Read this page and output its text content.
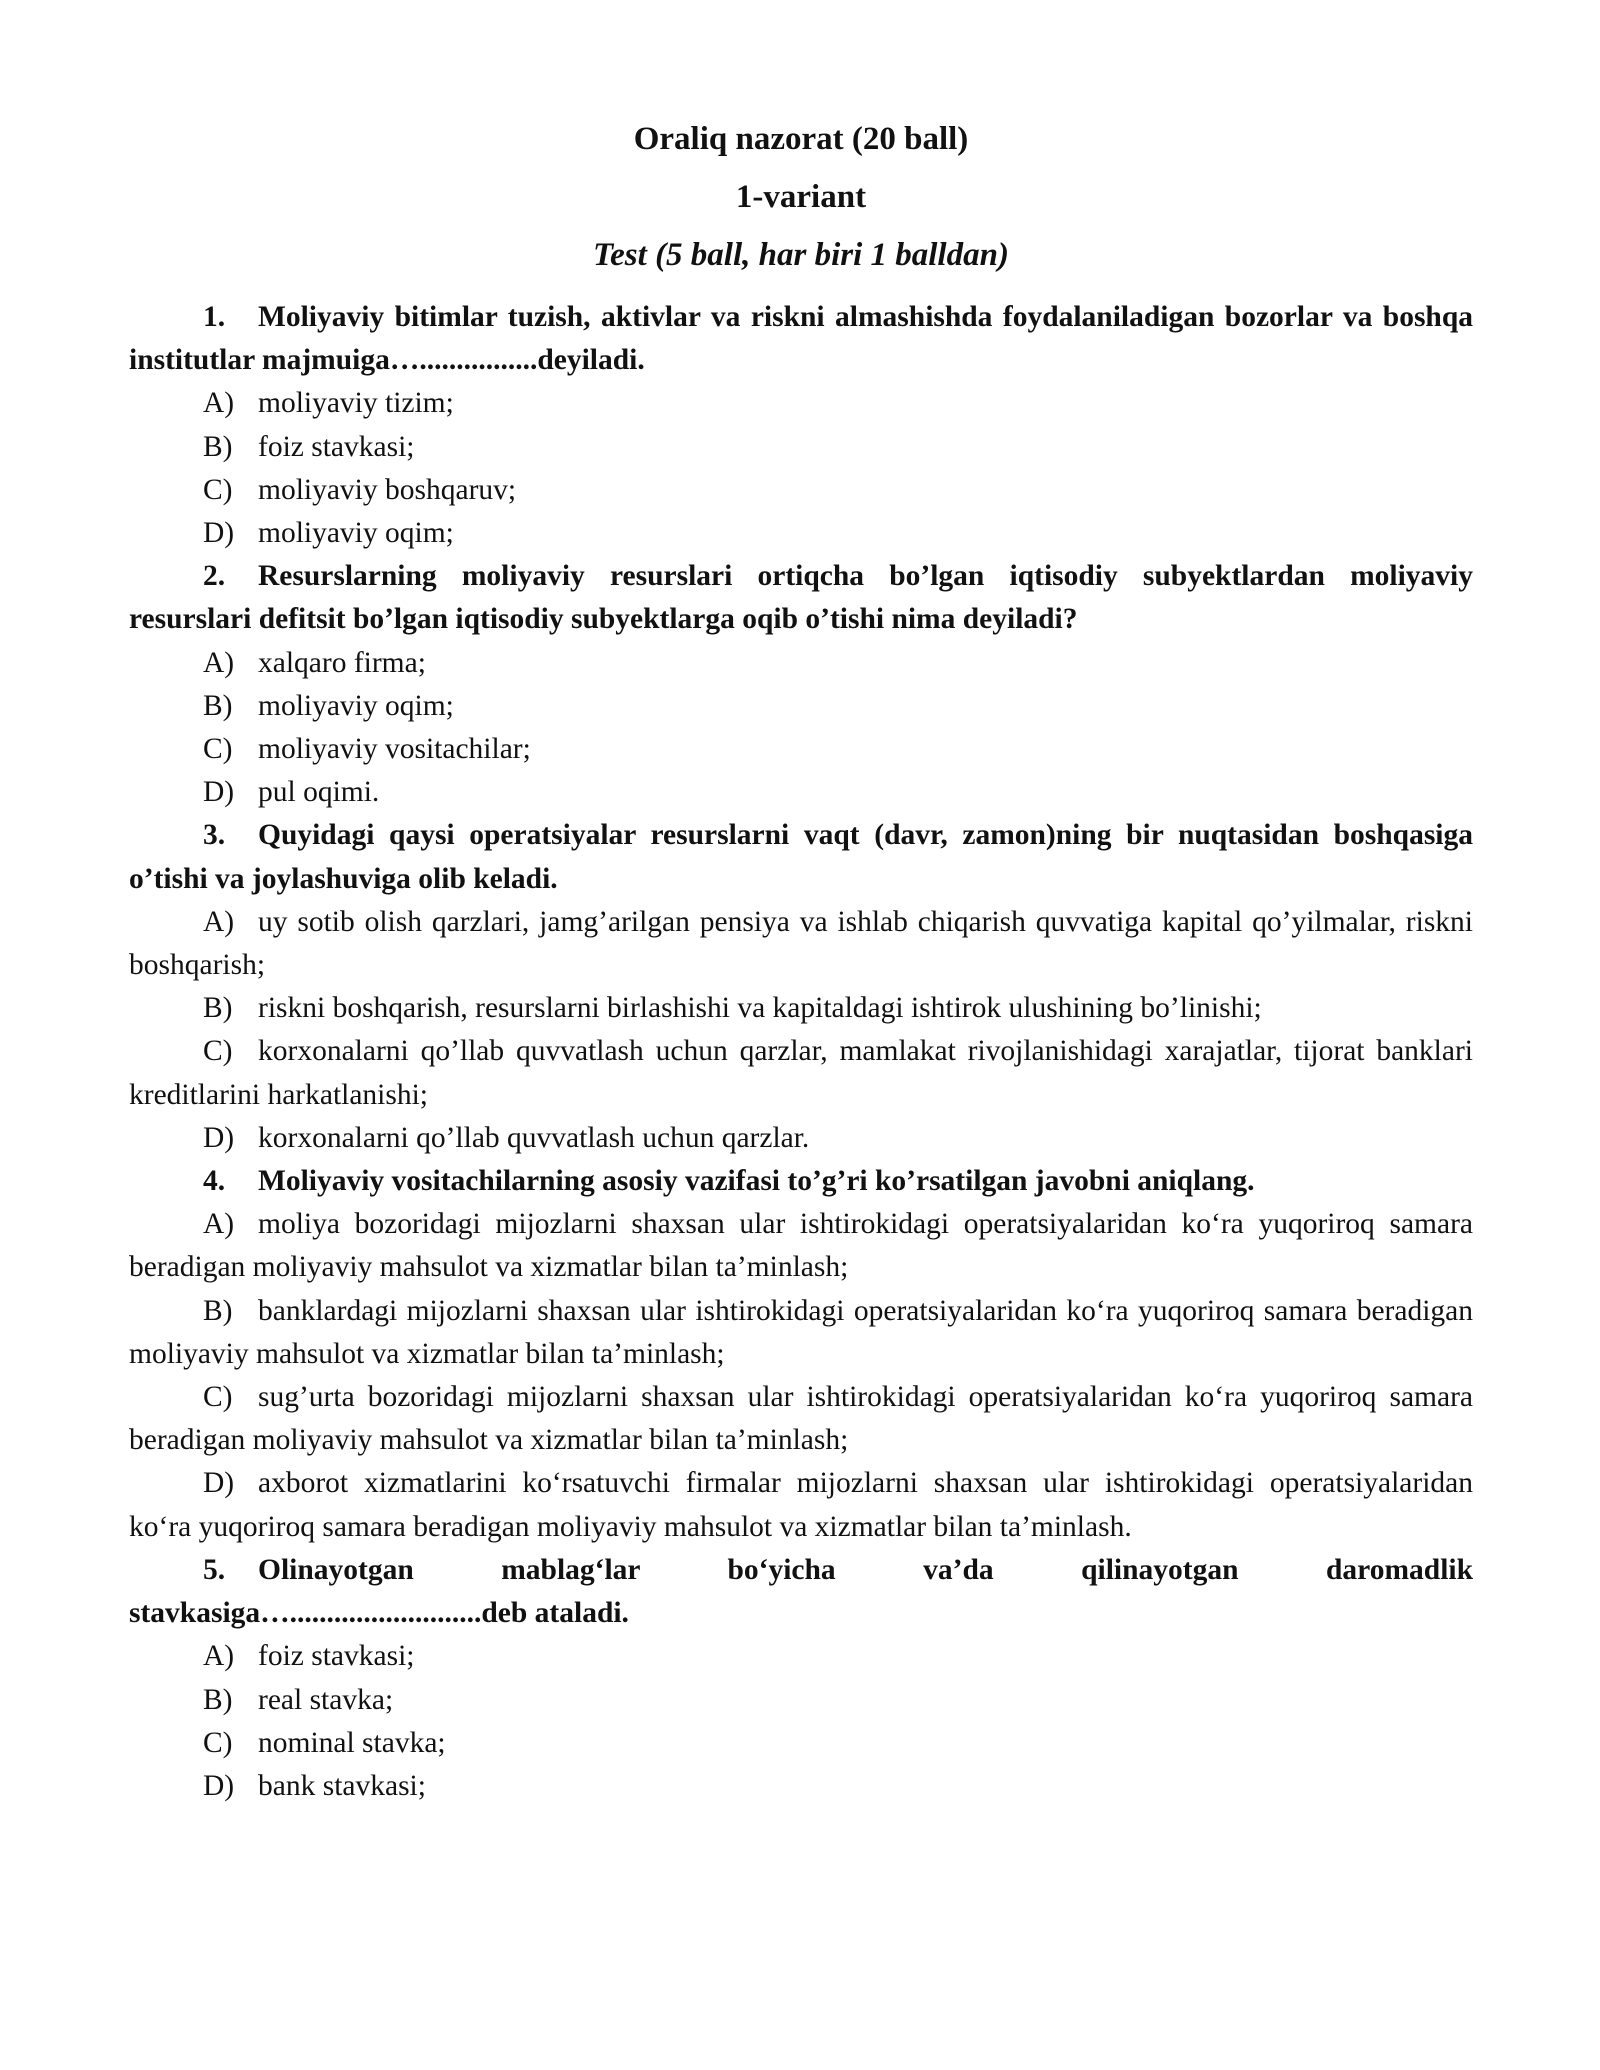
Oraliq nazorat (20 ball)
1-variant
Test (5 ball, har biri 1 balldan)
1. Moliyaviy bitimlar tuzish, aktivlar va riskni almashishda foydalaniladigan bozorlar va boshqa institutlar majmuiga…................deyiladi.
A) moliyaviy tizim;
B) foiz stavkasi;
C) moliyaviy boshqaruv;
D) moliyaviy oqim;
2. Resurslarning moliyaviy resurslari ortiqcha bo’lgan iqtisodiy subyektlardan moliyaviy resurslari defitsit bo’lgan iqtisodiy subyektlarga oqib o’tishi nima deyiladi?
A) xalqaro firma;
B) moliyaviy oqim;
C) moliyaviy vositachilar;
D) pul oqimi.
3. Quyidagi qaysi operatsiyalar resurslarni vaqt (davr, zamon)ning bir nuqtasidan boshqasiga o’tishi va joylashuviga olib keladi.
A) uy sotib olish qarzlari, jamg’arilgan pensiya va ishlab chiqarish quvvatiga kapital qo’yilmalar, riskni boshqarish;
B) riskni boshqarish, resurslarni birlashishi va kapitaldagi ishtirok ulushining bo’linishi;
C) korxonalarni qo’llab quvvatlash uchun qarzlar, mamlakat rivojlanishidagi xarajatlar, tijorat banklari kreditlarini harkatlanishi;
D) korxonalarni qo’llab quvvatlash uchun qarzlar.
4. Moliyaviy vositachilarning asosiy vazifasi to’g’ri ko’rsatilgan javobni aniqlang.
A) moliya bozoridagi mijozlarni shaxsan ular ishtirokidagi operatsiyalaridan ko‘ra yuqoriroq samara beradigan moliyaviy mahsulot va xizmatlar bilan ta’minlash;
B) banklardagi mijozlarni shaxsan ular ishtirokidagi operatsiyalaridan ko‘ra yuqoriroq samara beradigan moliyaviy mahsulot va xizmatlar bilan ta’minlash;
C) sug’urta bozoridagi mijozlarni shaxsan ular ishtirokidagi operatsiyalaridan ko‘ra yuqoriroq samara beradigan moliyaviy mahsulot va xizmatlar bilan ta’minlash;
D) axborot xizmatlarini ko‘rsatuvchi firmalar mijozlarni shaxsan ular ishtirokidagi operatsiyalaridan ko‘ra yuqoriroq samara beradigan moliyaviy mahsulot va xizmatlar bilan ta’minlash.
5. Olinayotgan mablag‘lar bo‘yicha va’da qilinayotgan daromadlik stavkasiga…..........................deb ataladi.
A) foiz stavkasi;
B) real stavka;
C) nominal stavka;
D) bank stavkasi;
